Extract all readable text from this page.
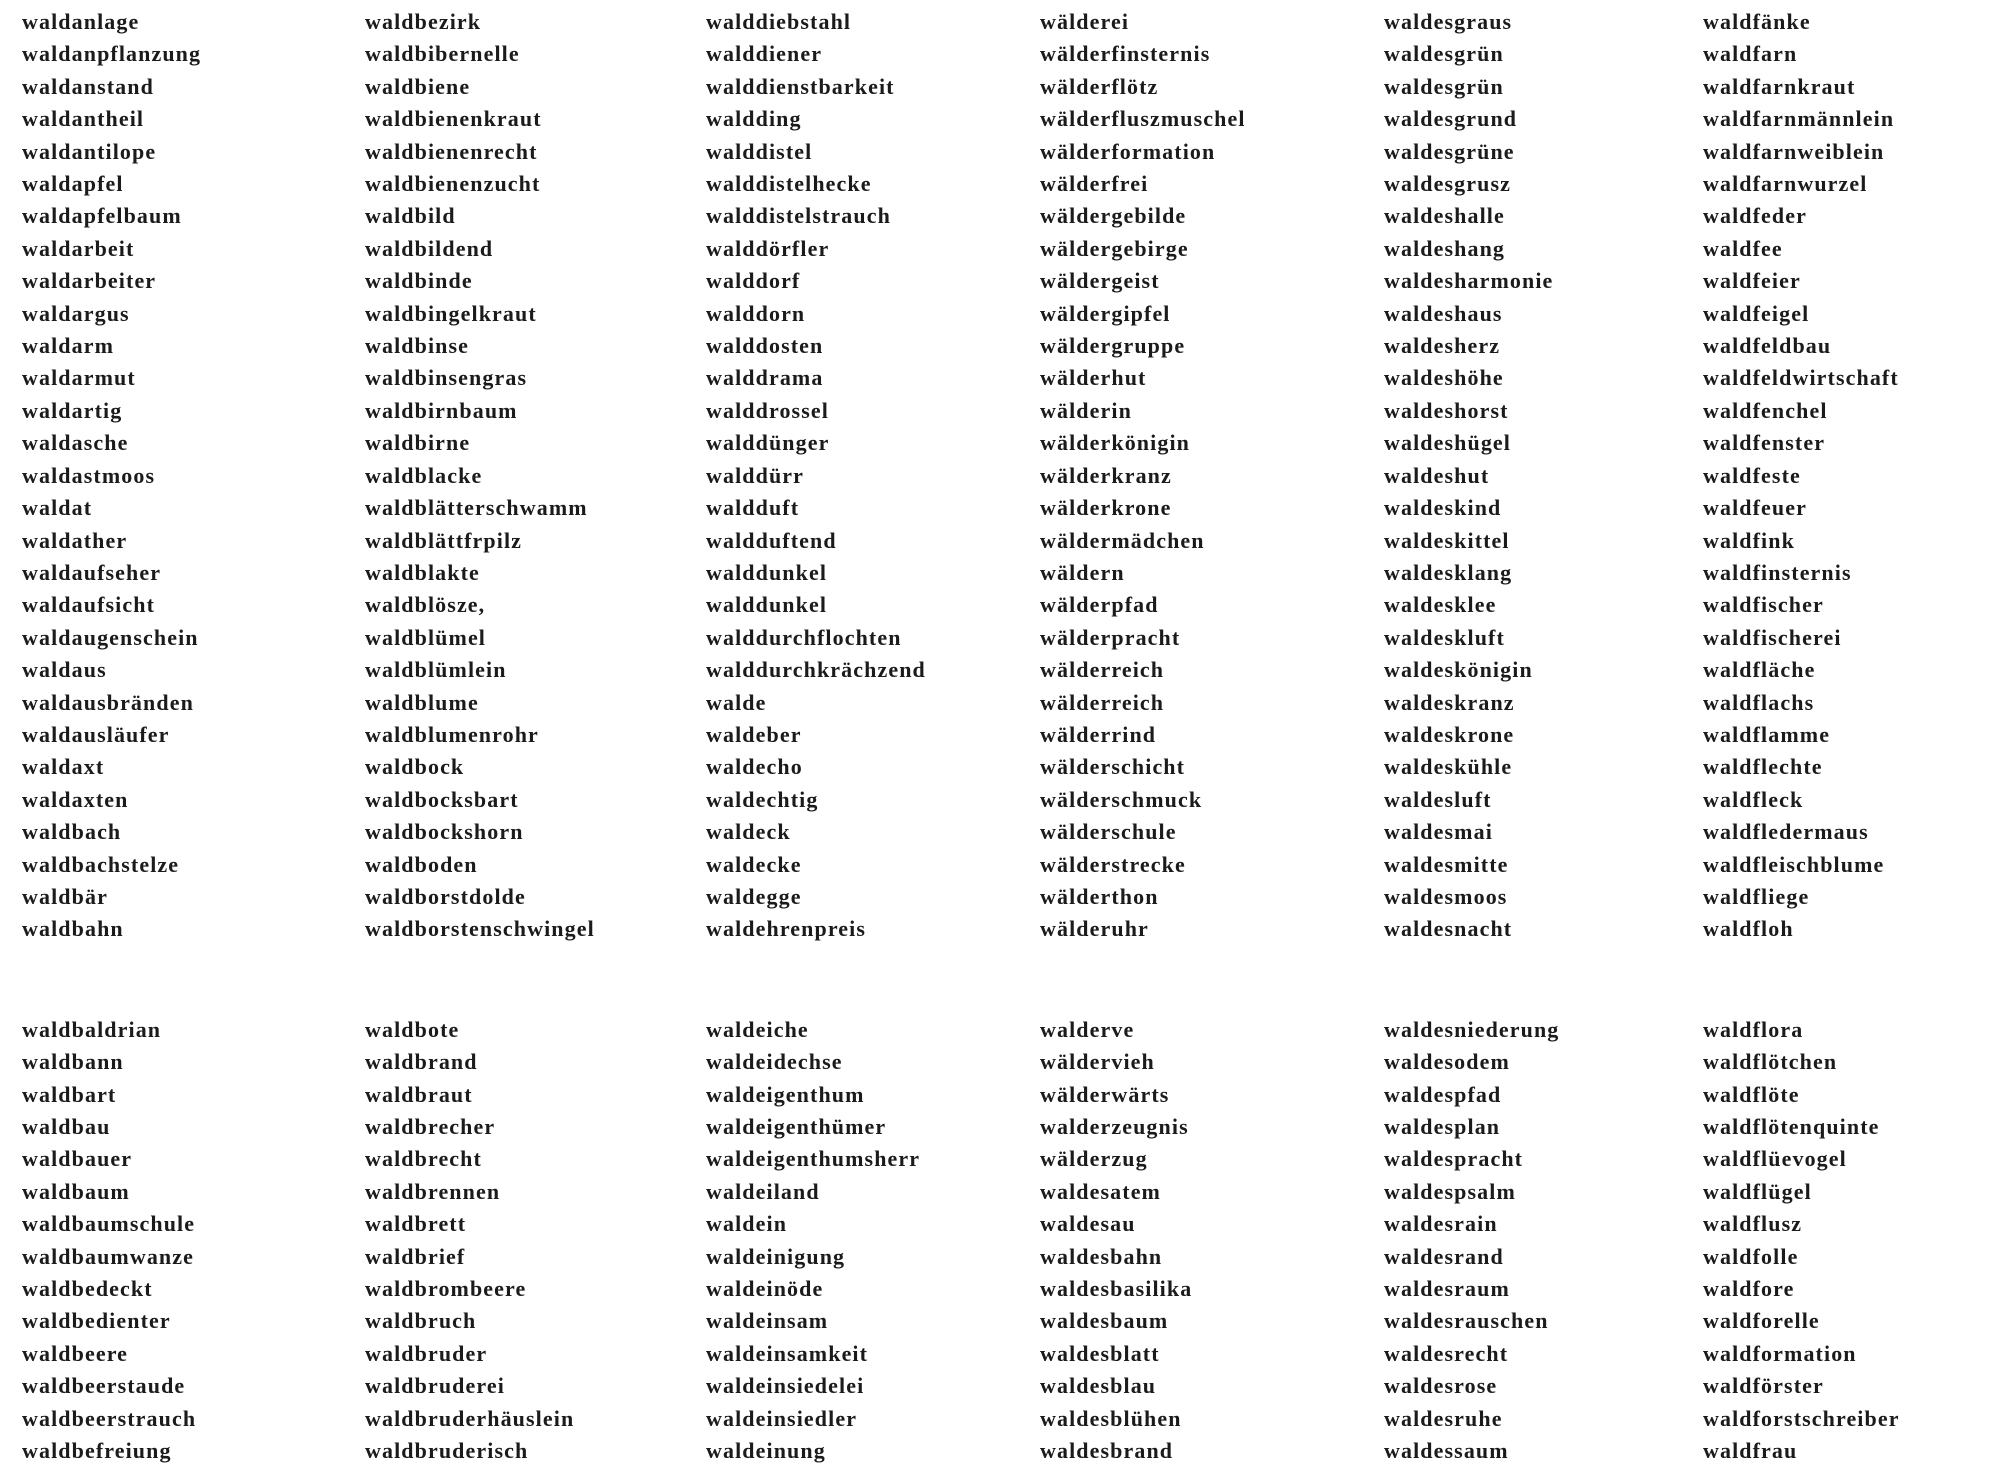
waldanlage
waldanpflanzung
waldanstand
waldantheil
waldantilope
waldapfel
waldapfelbaum
waldarbeit
waldarbeiter
waldargus
waldarm
waldarmut
waldartig
waldasche
waldastmoos
waldat
waldather
waldaufseher
waldaufsicht
waldaugenschein
waldaus
waldausbränden
waldausläufer
waldaxt
waldaxten
waldbach
waldbachstelze
waldbär
waldbahn
waldbaldrian
waldbann
waldbart
waldbau
waldbauer
waldbaum
waldbaumschule
waldbaumwanze
waldbedeckt
waldbedienter
waldbeere
waldbeerstaude
waldbeerstrauch
waldbefreiung
waldbezirk
waldbibernelle
waldbiene
waldbienenkraut
waldbienenrecht
waldbienenzucht
waldbild
waldbildend
waldbinde
waldbingelkraut
waldbinse
waldbinsengras
waldbirnbaum
waldbirne
waldblacke
waldblätterschwamm
waldblättfrpilz
waldblakte
waldblösze,
waldblümel
waldblümlein
waldblume
waldblumenrohr
waldbock
waldbocksbart
waldbockshorn
waldboden
waldborstdolde
waldborstenschwingel
waldbote
waldbrand
waldbraut
waldbrecher
waldbrecht
waldbrennen
waldbrett
waldbrief
waldbrombeere
waldbruch
waldbruder
waldbruderei
waldbruderhäuslein
waldbruderisch
walddiebstahl
walddiener
walddienstbarkeit
waldding
walddistel
walddistelhecke
walddistelstrauch
walddörfler
walddorf
walddorn
walddosten
walddrama
walddrossel
walddünger
walddürr
waldduft
waldduftend
walddunkel
walddunkel
walddurchflochten
walddurchkrächzend
walde
waldeber
waldecho
waldechtig
waldeck
waldecke
waldegge
waldehrenpreis
waldeiche
waldeidechse
waldeigenthum
waldeigenthümer
waldeigenthumsherr
waldeiland
waldein
waldeinigung
waldeinöde
waldeinsam
waldeinsamkeit
waldeinsiedelei
waldeinsiedler
waldeinung
wälderei
wälderfinsternis
wälderflötz
wälderfluszmuschel
wälderformation
wälderfrei
wäldergebilde
wäldergebirge
wäldergeist
wäldergipfel
wäldergruppe
wälderhut
wälderin
wälderkönigin
wälderkranz
wälderkrone
wäldermädchen
wäldern
wälderpfad
wälderpracht
wälderreich
wälderreich
wälderrind
wälderschicht
wälderschmuck
wälderschule
wälderstrecke
wälderthon
wälderuhr
walderve
wäldervieh
wälderwärts
walderzeugnis
wälderzug
waldesatem
waldesau
waldesbahn
waldesbasilika
waldesbaum
waldesblatt
waldesblau
waldesblühen
waldesbrand
waldesgraus
waldesgrün
waldesgrün
waldesgrund
waldesgrüne
waldesgrusz
waldeshalle
waldeshang
waldesharmonie
waldeshaus
waldesherz
waldeshöhe
waldeshorst
waldeshügel
waldeshut
waldeskind
waldeskittel
waldesklang
waldesklee
waldeskluft
waldeskönigin
waldeskranz
waldeskrone
waldeskühle
waldesluft
waldesmai
waldesmitte
waldesmoos
waldesnacht
waldesniederung
waldesodem
waldespfad
waldesplan
waldespracht
waldespsalm
waldesrain
waldesrand
waldesraum
waldesrauschen
waldesrecht
waldesrose
waldesruhe
waldessaum
waldfänke
waldfarn
waldfarnkraut
waldfarnmännlein
waldfarnweiblein
waldfarnwurzel
waldfeder
waldfee
waldfeier
waldfeigel
waldfeldbau
waldfeldwirtschaft
waldfenchel
waldfenster
waldfeste
waldfeuer
waldfink
waldfinsternis
waldfischer
waldfischerei
waldfläche
waldflachs
waldflamme
waldflechte
waldfleck
waldfledermaus
waldfleischblume
waldfliege
waldfloh
waldflora
waldflötchen
waldflöte
waldflötenquinte
waldflüevogel
waldflügel
waldflusz
waldfolle
waldfore
waldforelle
waldformation
waldförster
waldforstschreiber
waldfrau
